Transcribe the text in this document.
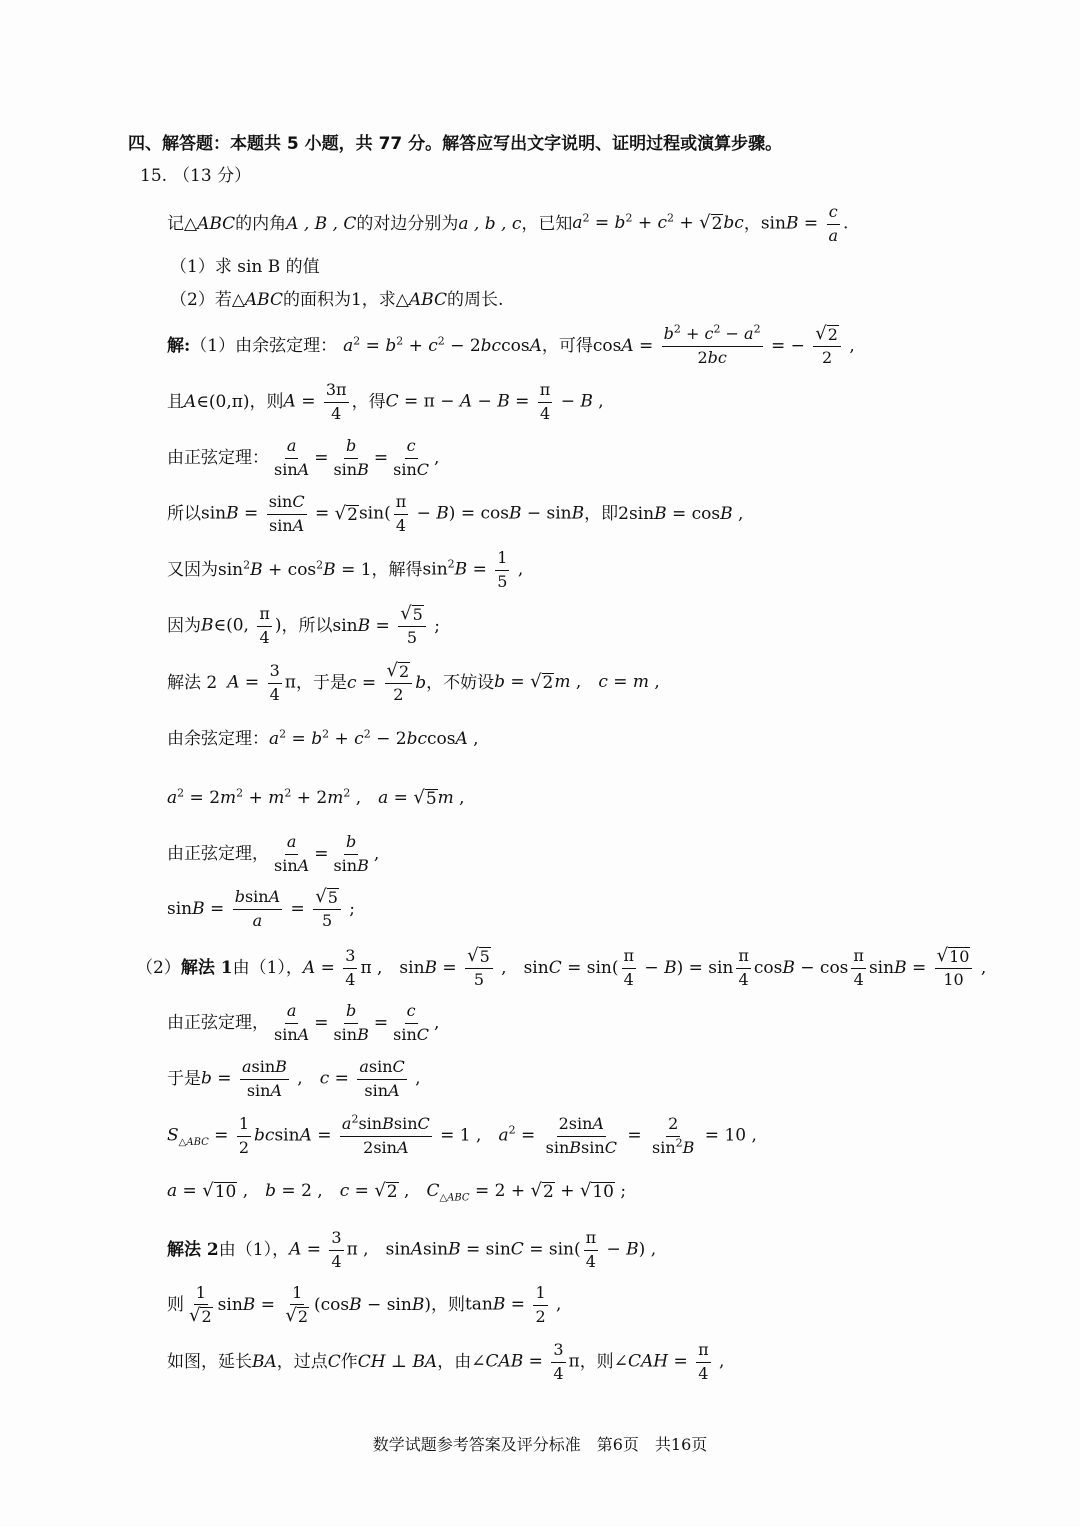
四、解答题：本题共 5 小题，共 77 分。解答应写出文字说明、证明过程或演算步骤。
15. （13 分）
记△ ABC 的内角 A , B , C 的对边分别为 a , b , c ，已知 $a^2 = b^2 + c^2$ + √ 2 bc ， $\sin B = \frac{c}{a}$ .
（1）求 sin B 的值
（2）若△ ABC 的面积为1，求△ ABC 的周长.
解: （1）由余弦定理： $a^2 = b^2 + c^2 - 2bccosA$ ，可得 $\cos A = \frac{b^2 + c^2 - a^2}{2bc}$ = − $\frac{√ 2}{2}$ ,
且 A∈(0,π) ，则 $A = \frac{3\pi}{4}$ ，得 $C = \pi - A - B = \frac{\pi}{4} - B$ ,
由正弦定理： $\frac{a}{\sin A} = \frac{b}{\sin B} = \frac{c}{\sin C}$ ,
所以 $\sin B = \frac{\sin C}{\sin A}$ = √ 2 $\sin( \frac{\pi}{4} - B) = \cos B - \sin B$ ，即 2sinB = cosB ,
又因为 $\sin^2B + \cos^2B = 1$ ，解得 $\sin^2B = \frac{1}{5}$ ,
因为 B∈(0, $\frac{\pi}{4}$ ) ，所以 $\sin B = \frac{√ 5}{5}$ ;
解法 2 $A = \frac{3}{4}$ π ，于是 $c = \frac{√ 2}{2}$ b ，不妨设 b = √ 2 m ,　c = m ,
由余弦定理： $a^2 = b^2 + c^2 - 2bccosA$ ,
$a^2 = 2m^2 + m^2 + 2m^2$ ,　a = √ 5 m ,
由正弦定理， $\frac{a}{\sin A} = \frac{b}{\sin B}$ ,
$\sin B = \frac{bsinA}{a} = \frac{√ 5}{5}$ ;
（2） 解法 1 由（1）， $A = \frac{3}{4}$ π ,　$\sin B = \frac{√ 5}{5}$ ,　$\sin C = \sin( \frac{\pi}{4} - B) = \sin \frac{\pi}{4}$ $\cos B - \cos \frac{\pi}{4}$ $\sin B = \frac{√ 10}{10}$ ,
由正弦定理， $\frac{a}{\sin A} = \frac{b}{\sin B} = \frac{c}{\sin C}$ ,
于是 $b = \frac{asinB}{\sin A}$ ,　$c = \frac{asinC}{\sin A}$ ,
$S_{\triangle ABC} = \frac{1}{2}$ $bcsinA = \frac{a^2sinBsinC}{2\sin A} = 1$ ,　$a^2 = \frac{2\sin A}{\text{sinBsinC}} = \frac{2}{\sin^2B} = 10$ ,
a = √ 10 ,　b = 2 ,　c = √ 2 ,　$C_{\triangle ABC} = 2$ + √ 2 + √ 10 ;
解法 2 由（1）， $A = \frac{3}{4}$ π ,　sinAsinB = $\sin C = \sin( \frac{\pi}{4} - B)$ ,
则 $\frac{1}{√ 2}$ $\sin B = \frac{1}{√ 2} (\cos B - \sin B)$ ，则 $\tan B = \frac{1}{2}$ ,
如图，延长 BA ，过点 C 作 CH ⊥ BA ，由 ∠CAB = $\frac{3}{4}$ π ，则 ∠CAH = $\frac{\pi}{4}$ ,
数学试题参考答案及评分标准　第6页　共16页
